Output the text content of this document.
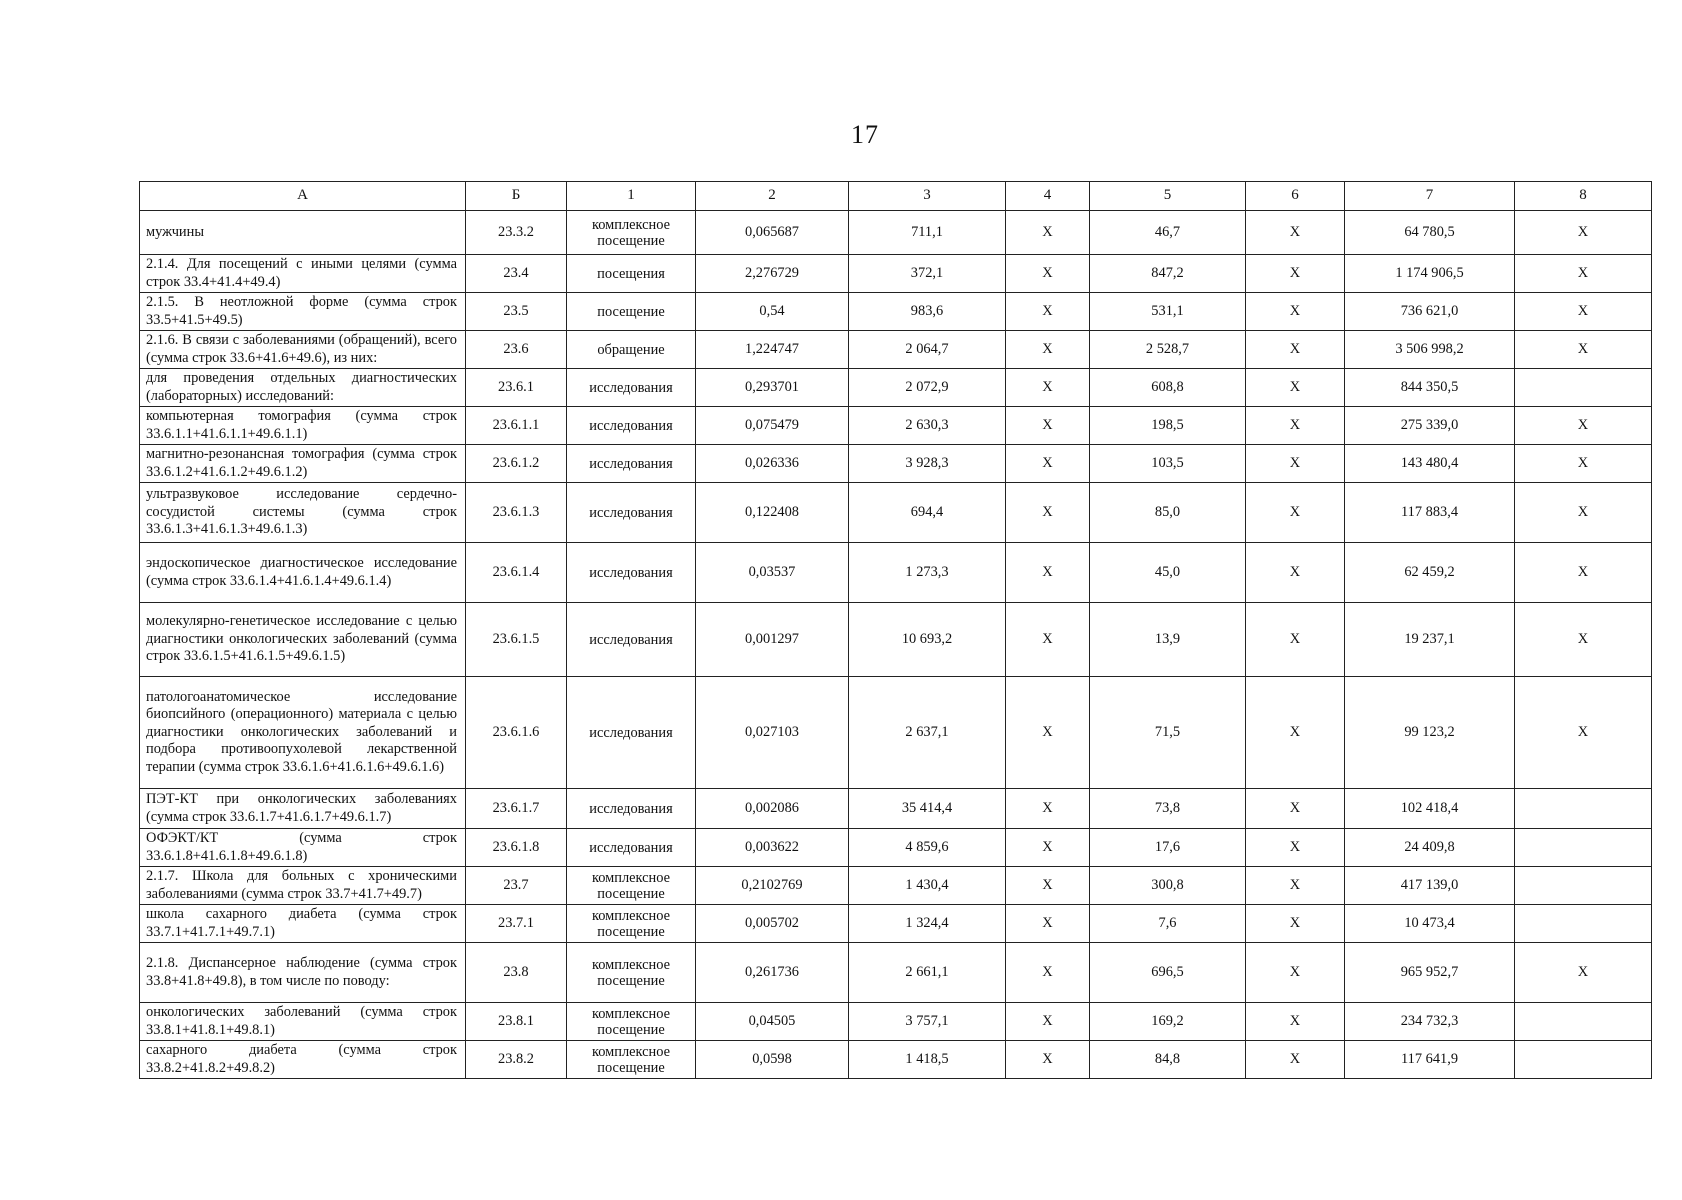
17
А	Б	1	2	3	4	5	6	7	8
мужчины	23.3.2	комплексное посещение	0,065687	711,1	Х	46,7	Х	64 780,5	Х
2.1.4. Для посещений с иными целями (сумма строк 33.4+41.4+49.4)	23.4	посещения	2,276729	372,1	Х	847,2	Х	1 174 906,5	Х
2.1.5. В неотложной форме (сумма строк 33.5+41.5+49.5)	23.5	посещение	0,54	983,6	Х	531,1	Х	736 621,0	Х
2.1.6. В связи с заболеваниями (обращений), всего (сумма строк 33.6+41.6+49.6), из них:	23.6	обращение	1,224747	2 064,7	Х	2 528,7	Х	3 506 998,2	Х
для проведения отдельных диагностических (лабораторных) исследований:	23.6.1	исследования	0,293701	2 072,9	Х	608,8	Х	844 350,5	
компьютерная томография (сумма строк 33.6.1.1+41.6.1.1+49.6.1.1)	23.6.1.1	исследования	0,075479	2 630,3	Х	198,5	Х	275 339,0	Х
магнитно-резонансная томография (сумма строк 33.6.1.2+41.6.1.2+49.6.1.2)	23.6.1.2	исследования	0,026336	3 928,3	Х	103,5	Х	143 480,4	Х
ультразвуковое исследование сердечно-сосудистой системы (сумма строк 33.6.1.3+41.6.1.3+49.6.1.3)	23.6.1.3	исследования	0,122408	694,4	Х	85,0	Х	117 883,4	Х
эндоскопическое диагностическое исследование (сумма строк 33.6.1.4+41.6.1.4+49.6.1.4)	23.6.1.4	исследования	0,03537	1 273,3	Х	45,0	Х	62 459,2	Х
молекулярно-генетическое исследование с целью диагностики онкологических заболеваний (сумма строк 33.6.1.5+41.6.1.5+49.6.1.5)	23.6.1.5	исследования	0,001297	10 693,2	Х	13,9	Х	19 237,1	Х
патологоанатомическое исследование биопсийного (операционного) материала с целью диагностики онкологических заболеваний и подбора противоопухолевой лекарственной терапии (сумма строк 33.6.1.6+41.6.1.6+49.6.1.6)	23.6.1.6	исследования	0,027103	2 637,1	Х	71,5	Х	99 123,2	Х
ПЭТ-КТ при онкологических заболеваниях (сумма строк 33.6.1.7+41.6.1.7+49.6.1.7)	23.6.1.7	исследования	0,002086	35 414,4	Х	73,8	Х	102 418,4	
ОФЭКТ/КТ (сумма строк 33.6.1.8+41.6.1.8+49.6.1.8)	23.6.1.8	исследования	0,003622	4 859,6	Х	17,6	Х	24 409,8	
2.1.7. Школа для больных с хроническими заболеваниями (сумма строк 33.7+41.7+49.7)	23.7	комплексное посещение	0,2102769	1 430,4	Х	300,8	Х	417 139,0	
школа сахарного диабета (сумма строк 33.7.1+41.7.1+49.7.1)	23.7.1	комплексное посещение	0,005702	1 324,4	Х	7,6	Х	10 473,4	
2.1.8. Диспансерное наблюдение (сумма строк 33.8+41.8+49.8), в том числе по поводу:	23.8	комплексное посещение	0,261736	2 661,1	Х	696,5	Х	965 952,7	Х
онкологических заболеваний (сумма строк 33.8.1+41.8.1+49.8.1)	23.8.1	комплексное посещение	0,04505	3 757,1	Х	169,2	Х	234 732,3	
сахарного диабета (сумма строк 33.8.2+41.8.2+49.8.2)	23.8.2	комплексное посещение	0,0598	1 418,5	Х	84,8	Х	117 641,9	
